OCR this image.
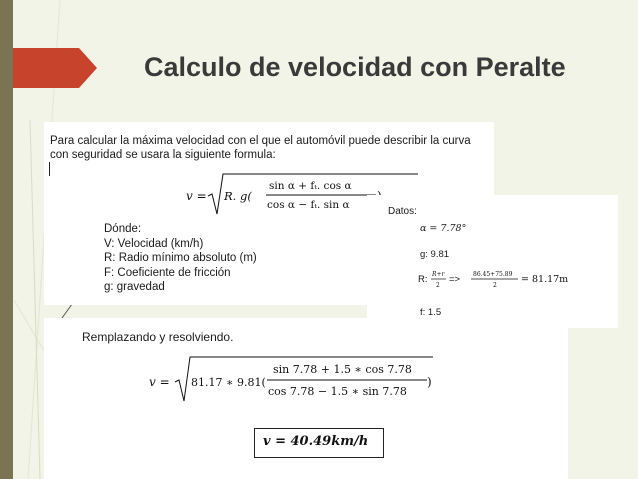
Calculo de velocidad con Peralte
Para calcular la máxima velocidad con el que el automóvil puede describir la curva con seguridad se usara la siguiente formula:
v = R. g(
sin α + fₜ. cos α
cos α − fₜ. sin α
Dónde:
V: Velocidad (km/h)
R: Radio mínimo absoluto (m)
F: Coeficiente de fricción
g: gravedad
Datos:
α = 7.78°
g: 9.81
R: R+r
2
=> 86.45+75.89
2
= 81.17m
f: 1.5
Remplazando y resolviendo.
v = 81.17 ∗ 9.81(
sin 7.78 + 1.5 ∗ cos 7.78
cos 7.78 − 1.5 ∗ sin 7.78
)
v = 40.49km/h
